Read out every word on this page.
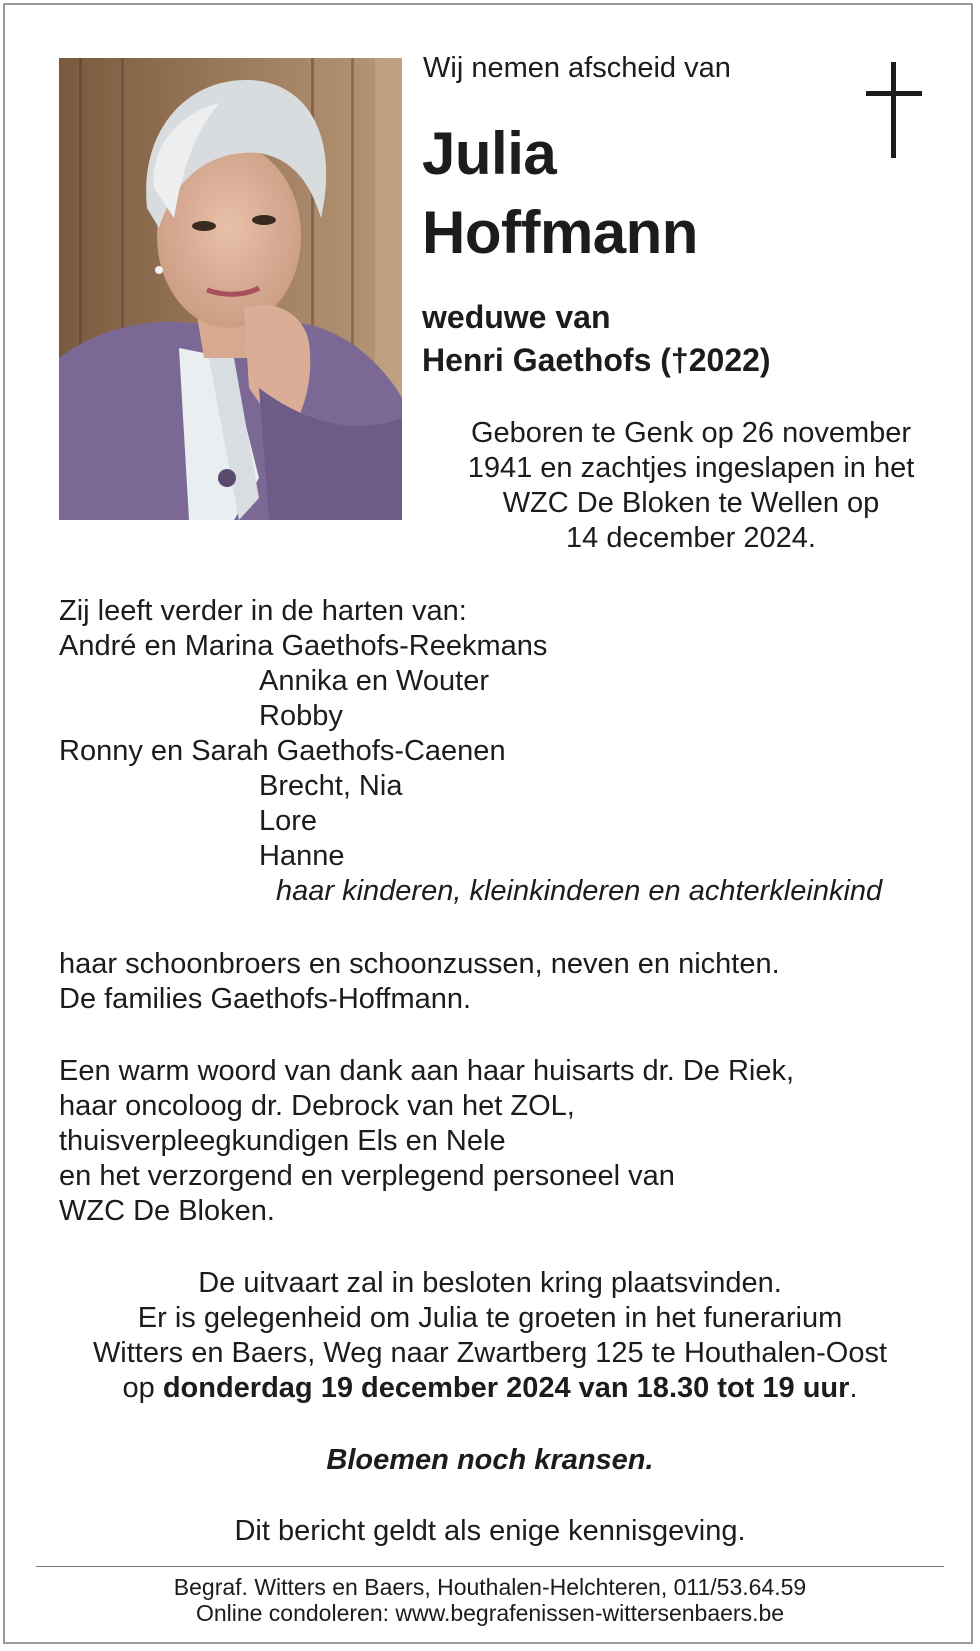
Wij nemen afscheid van
Julia
Hoffmann
weduwe van
Henri Gaethofs (†2022)
Geboren te Genk op 26 november
1941 en zachtjes ingeslapen in het
WZC De Bloken te Wellen op
14 december 2024.
Zij leeft verder in de harten van:
André en Marina Gaethofs-Reekmans
Annika en Wouter
Robby
Ronny en Sarah Gaethofs-Caenen
Brecht, Nia
Lore
Hanne
haar kinderen, kleinkinderen en achterkleinkind
haar schoonbroers en schoonzussen, neven en nichten.
De families Gaethofs-Hoffmann.
Een warm woord van dank aan haar huisarts dr. De Riek,
haar oncoloog dr. Debrock van het ZOL,
thuisverpleegkundigen Els en Nele
en het verzorgend en verplegend personeel van
WZC De Bloken.
De uitvaart zal in besloten kring plaatsvinden.
Er is gelegenheid om Julia te groeten in het funerarium
Witters en Baers, Weg naar Zwartberg 125 te Houthalen-Oost
op donderdag 19 december 2024 van 18.30 tot 19 uur.
Bloemen noch kransen.
Dit bericht geldt als enige kennisgeving.
Begraf. Witters en Baers, Houthalen-Helchteren, 011/53.64.59
Online condoleren: www.begrafenissen-wittersenbaers.be
